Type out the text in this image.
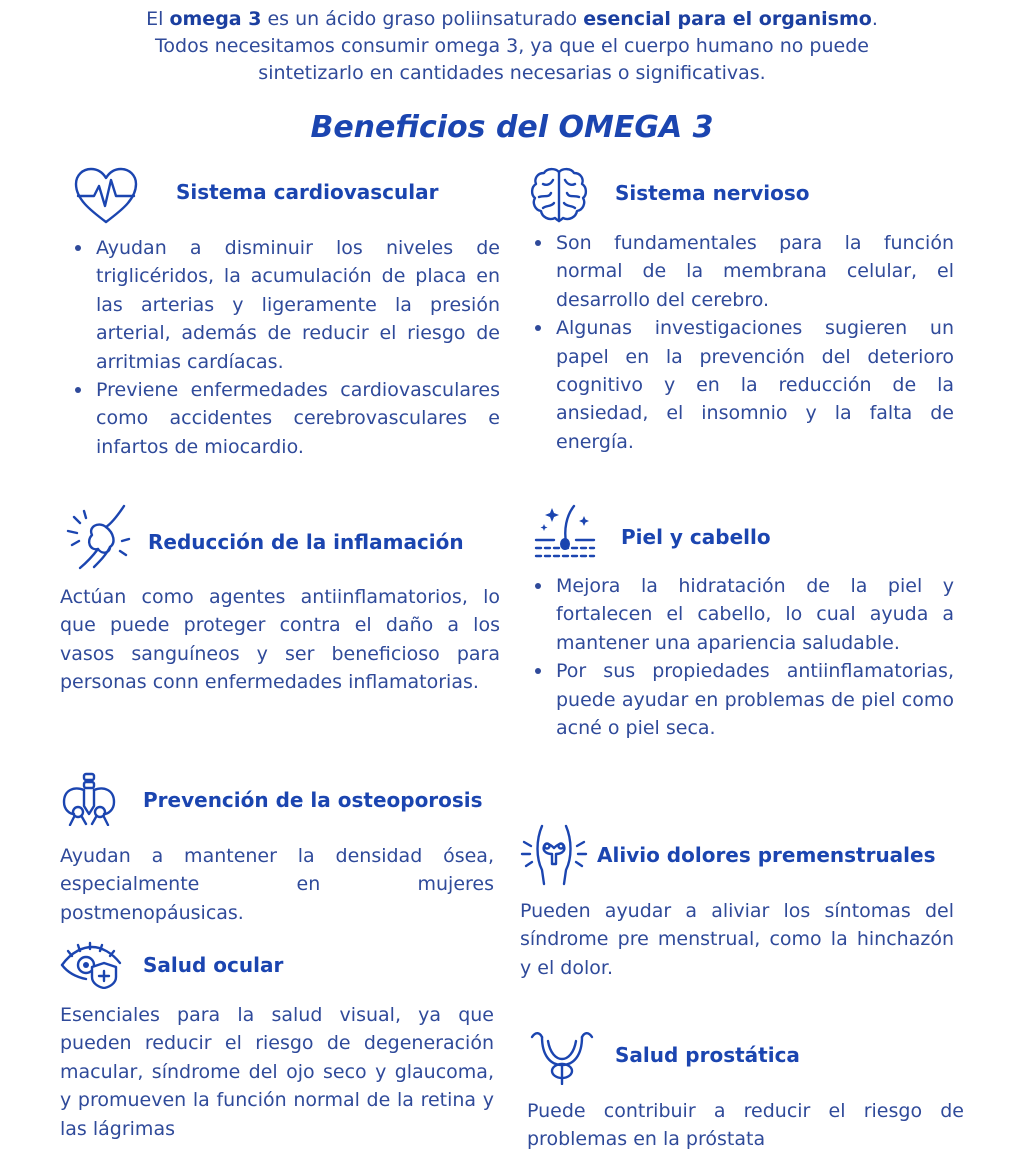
El omega 3 es un ácido graso poliinsaturado esencial para el organismo.
Todos necesitamos consumir omega 3, ya que el cuerpo humano no puede sintetizarlo en cantidades necesarias o significativas.
Beneficios del OMEGA 3
Sistema cardiovascular
Ayudan a disminuir los niveles de triglicéridos, la acumulación de placa en las arterias y ligeramente la presión arterial, además de reducir el riesgo de arritmias cardíacas.
Previene enfermedades cardiovasculares como accidentes cerebrovasculares e infartos de miocardio.
Sistema nervioso
Son fundamentales para la función normal de la membrana celular, el desarrollo del cerebro.
Algunas investigaciones sugieren un papel en la prevención del deterioro cognitivo y en la reducción de la ansiedad, el insomnio y la falta de energía.
Reducción de la inflamación

Actúan como agentes antiinflamatorios, lo que puede proteger contra el daño a los vasos sanguíneos y ser beneficioso para personas conn enfermedades inflamatorias.

Piel y cabello
Mejora la hidratación de la piel y fortalecen el cabello, lo cual ayuda a mantener una apariencia saludable.
Por sus propiedades antiinflamatorias, puede ayudar en problemas de piel como acné o piel seca.
Prevención de la osteoporosis

Ayudan a mantener la densidad ósea, especialmente en mujeres postmenopáusicas.

Alivio dolores premenstruales

Pueden ayudar a aliviar los síntomas del síndrome pre menstrual, como la hinchazón y el dolor.

Salud ocular

Esenciales para la salud visual, ya que pueden reducir el riesgo de degeneración macular, síndrome del ojo seco y glaucoma, y promueven la función normal de la retina y las lágrimas

Salud prostática

Puede contribuir a reducir el riesgo de problemas en la próstata
